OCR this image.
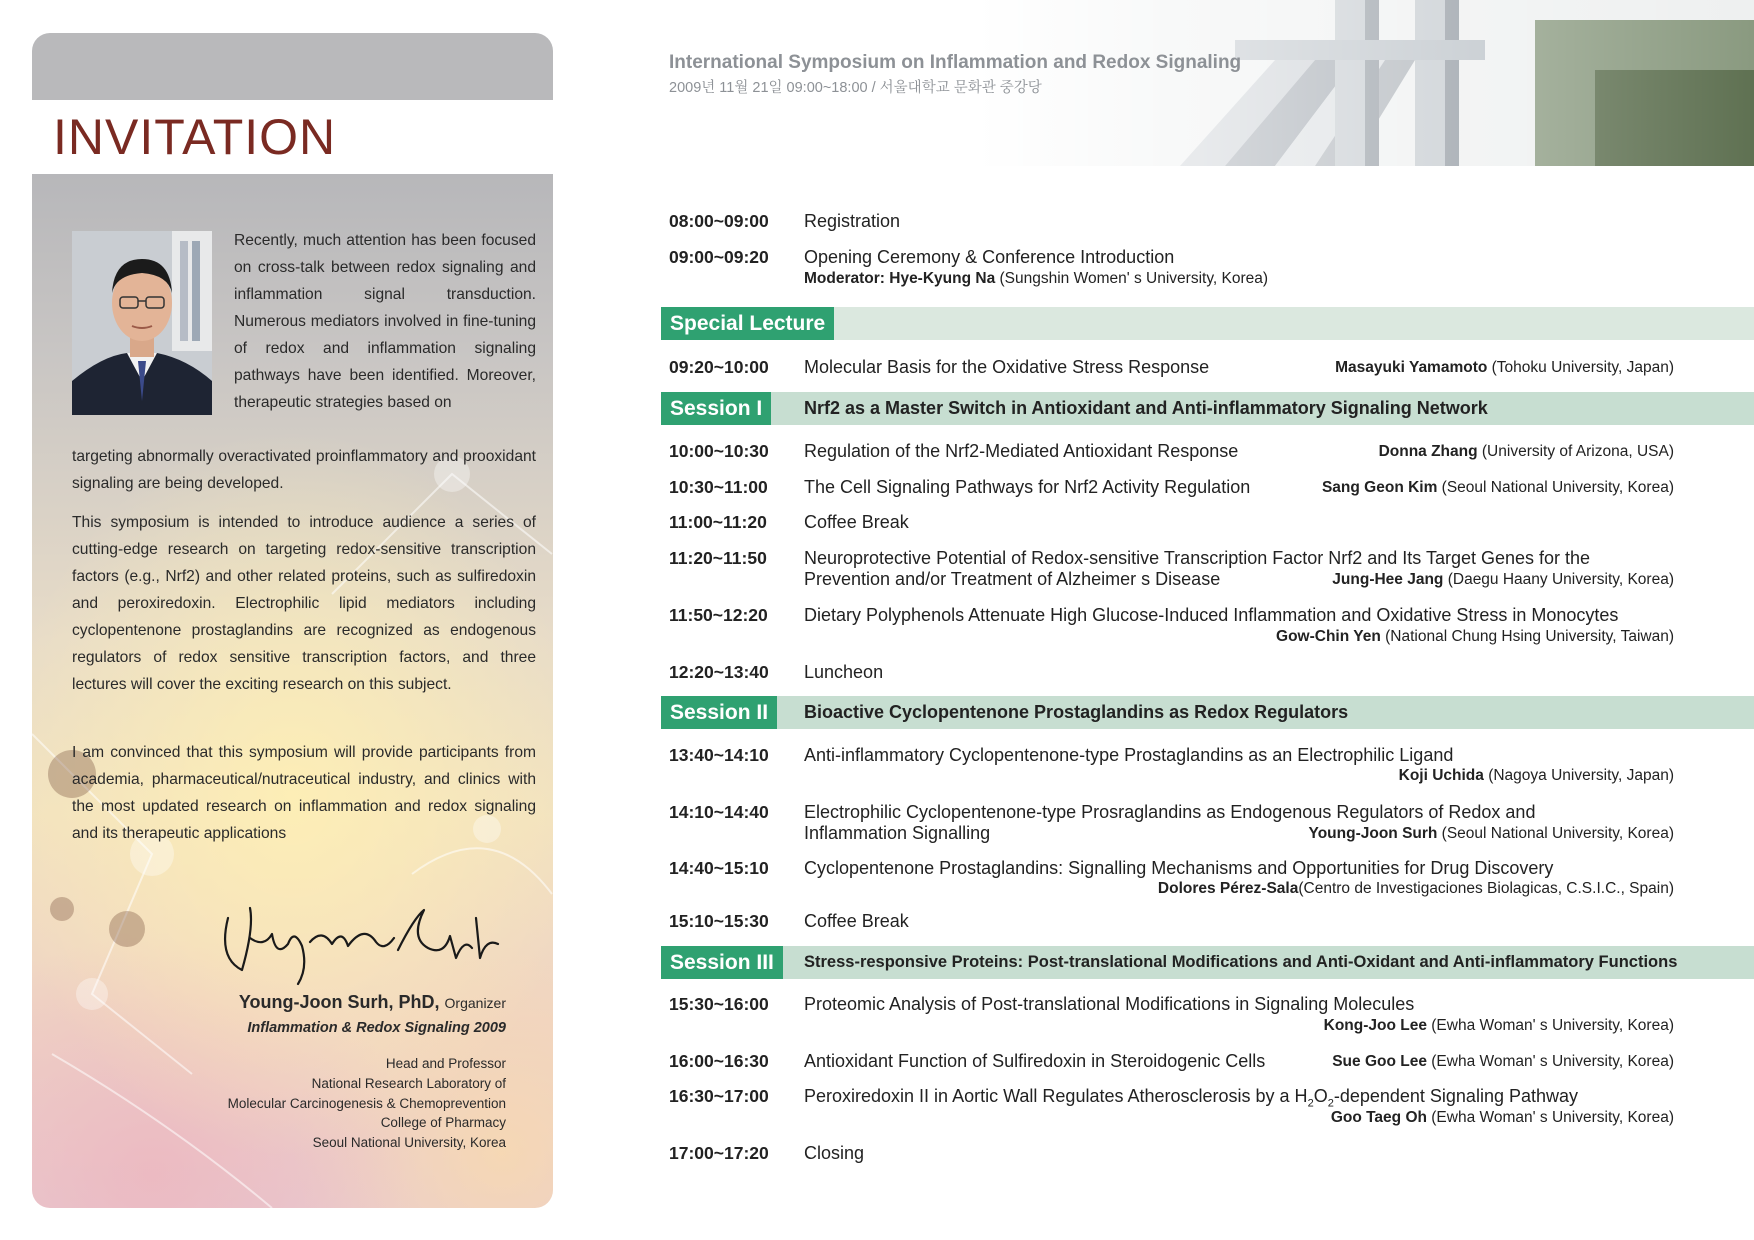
INVITATION

Recently, much attention has been focused on cross-talk between redox signaling and inflammation signal transduction. Numerous mediators involved in fine-tuning of redox and inflammation signaling pathways have been identified. Moreover, therapeutic strategies based on

targeting abnormally overactivated proinflammatory and prooxidant signaling are being developed.

This symposium is intended to introduce audience a series of cutting-edge research on targeting redox-sensitive transcription factors (e.g., Nrf2) and other related proteins, such as sulfiredoxin and peroxiredoxin. Electrophilic lipid mediators including cyclopentenone prostaglandins are recognized as endogenous regulators of redox sensitive transcription factors, and three lectures will cover the exciting research on this subject.

I am convinced that this symposium will provide participants from academia, pharmaceutical/nutraceutical industry, and clinics with the most updated research on inflammation and redox signaling and its therapeutic applications

Young-Joon Surh, PhD, Organizer
Inflammation & Redox Signaling 2009
Head and Professor
National Research Laboratory of
Molecular Carcinogenesis & Chemoprevention
College of Pharmacy
Seoul National University, Korea
International Symposium on Inflammation and Redox Signaling
2009년 11월 21일 09:00~18:00 / 서울대학교 문화관 중강당
08:00~09:00 Registration
09:00~09:20 Opening Ceremony & Conference Introduction
Moderator: Hye-Kyung Na (Sungshin Women' s University, Korea)
Special Lecture
09:20~10:00 Molecular Basis for the Oxidative Stress Response	Masayuki Yamamoto (Tohoku University, Japan)
Session I	Nrf2 as a Master Switch in Antioxidant and Anti-inflammatory Signaling Network
10:00~10:30 Regulation of the Nrf2-Mediated Antioxidant Response	Donna Zhang (University of Arizona, USA)
10:30~11:00 The Cell Signaling Pathways for Nrf2 Activity Regulation	Sang Geon Kim (Seoul National University, Korea)
11:00~11:20 Coffee Break
11:20~11:50 Neuroprotective Potential of Redox-sensitive Transcription Factor Nrf2 and Its Target Genes for the
Prevention and/or Treatment of Alzheimer s Disease	Jung-Hee Jang (Daegu Haany University, Korea)
11:50~12:20 Dietary Polyphenols Attenuate High Glucose-Induced Inflammation and Oxidative Stress in Monocytes
Gow-Chin Yen (National Chung Hsing University, Taiwan)
12:20~13:40 Luncheon
Session II	Bioactive Cyclopentenone Prostaglandins as Redox Regulators
13:40~14:10 Anti-inflammatory Cyclopentenone-type Prostaglandins as an Electrophilic Ligand
Koji Uchida (Nagoya University, Japan)
14:10~14:40 Electrophilic Cyclopentenone-type Prosraglandins as Endogenous Regulators of Redox and
Inflammation Signalling	Young-Joon Surh (Seoul National University, Korea)
14:40~15:10 Cyclopentenone Prostaglandins: Signalling Mechanisms and Opportunities for Drug Discovery
Dolores Pérez-Sala(Centro de Investigaciones Biolagicas, C.S.I.C., Spain)
15:10~15:30 Coffee Break
Session III	Stress-responsive Proteins: Post-translational Modifications and Anti-Oxidant and Anti-inflammatory Functions
15:30~16:00 Proteomic Analysis of Post-translational Modifications in Signaling Molecules
Kong-Joo Lee (Ewha Woman' s University, Korea)
16:00~16:30 Antioxidant Function of Sulfiredoxin in Steroidogenic Cells	Sue Goo Lee (Ewha Woman' s University, Korea)
16:30~17:00 Peroxiredoxin II in Aortic Wall Regulates Atherosclerosis by a $H_2O_2$-dependent Signaling Pathway
Goo Taeg Oh (Ewha Woman' s University, Korea)
17:00~17:20 Closing
